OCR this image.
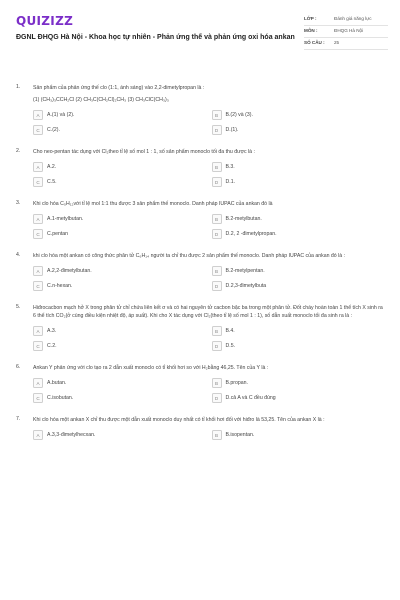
QUIZIZZ
ĐGNL ĐHQG Hà Nội - Khoa học tự nhiên - Phản ứng thế và phản ứng oxi hóa ankan
LỚP :	Đánh giá năng lực
MÔN :	ĐHQG Hà Nội
SỐ CÂU :	25
1. Sản phẩm của phản ứng thế clo (1:1, ánh sáng) vào 2,2-dimetylpropan là :
(1) (CH₃)₃CCH₂Cl (2) CH₃C(CH₂Cl)₂CH₃ (3) CH₃ClC(CH₃)₃
A	A.(1) và (2).	B	B.(2) và (3).
C	C.(2).	D	D.(1).
2. Cho neo-pentan tác dụng với Cl₂theo tỉ lệ số mol 1 : 1, số sản phẩm monoclo tối đa thu được là :
A	A.2.	B	B.3.
C	C.5.	D	D.1.
3. Khi clo hóa C₅H₁₂với tỉ lệ mol 1:1 thu được 3 sản phẩm thế monoclo. Danh pháp IUPAC của ankan đó là
A	A.1-metylbutan.	B	B.2-metylbutan.
C	C.pentan	D	D.2, 2 -đimetylpropan.
4. khi clo hóa một ankan có công thức phân tử C₆H₁₄ người ta chỉ thu được 2 sản phẩm thế monoclo. Danh pháp IUPAC của ankan đó là :
A	A.2,2-đimetylbutan.	B	B.2-metylpentan.
C	C.n-hexan.	D	D.2,3-đimetylbuta
5. Hiđrocacbon mạch hở X trong phân tử chỉ chứa liên kết σ và có hai nguyên tử cacbon bậc ba trong một phân tử. Đốt cháy hoàn toàn 1 thể tích X sinh ra 6 thể tích CO₂(ở cùng điều kiện nhiệt độ, áp suất). Khi cho X tác dụng với Cl₂(theo tỉ lệ số mol 1 : 1), số dẫn xuất monoclo tối đa sinh ra là :
A	A.3.	B	B.4.
C	C.2.	D	D.5.
6. Ankan Y phản ứng với clo tạo ra 2 dẫn xuất monoclo có tỉ khối hơi so với H₂bằng 46,25. Tên của Y là :
A	A.butan.	B	B.propan.
C	C.isobutan.	D	D.cả A và C đều đúng
7. Khi clo hóa một ankan X chỉ thu được một dẫn xuất monoclo duy nhất có tỉ khối hơi đối với hiđro là 53,25. Tên của ankan X là :
A	A.3,3-đimetylhecxan.	B	B.isopentan.
